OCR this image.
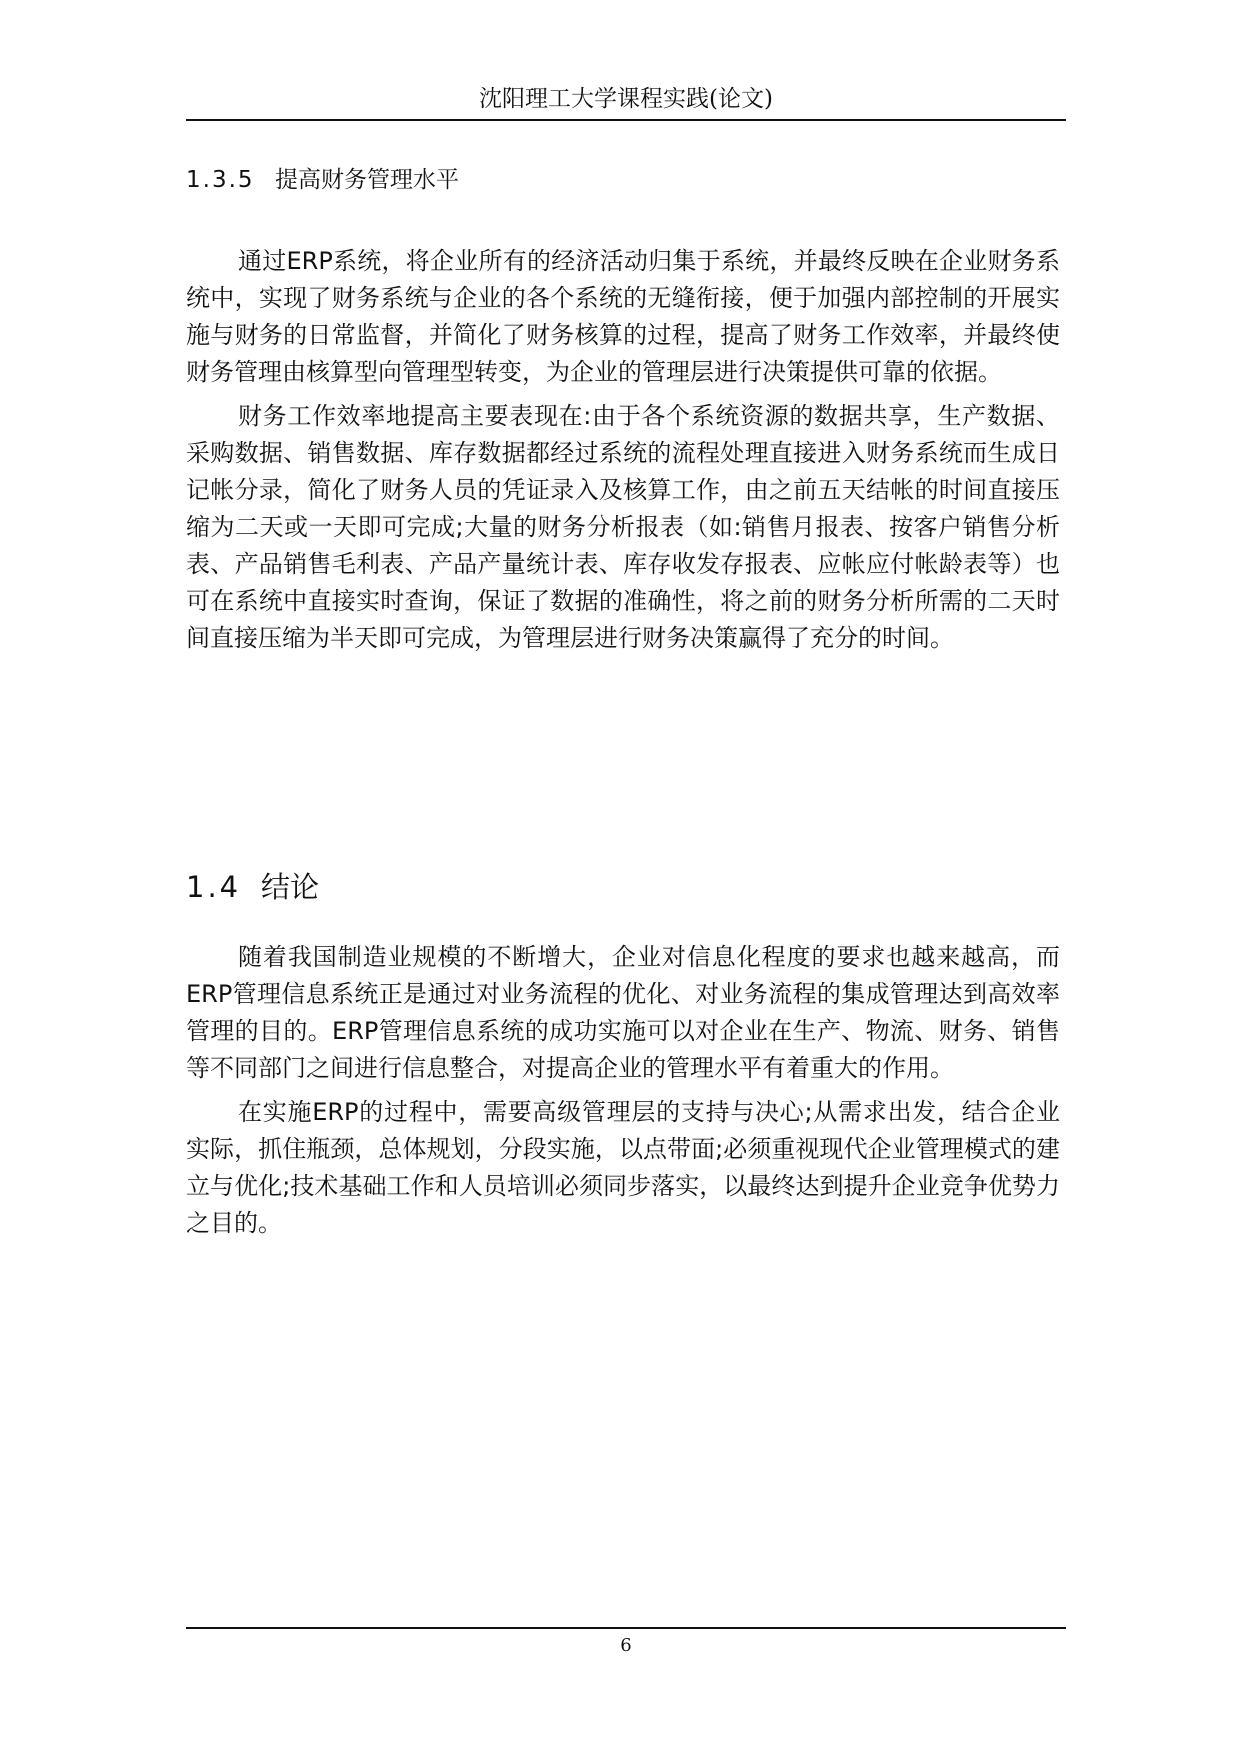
沈阳理工大学课程实践(论文)
1.3.5 提高财务管理水平

通过ERP系统，将企业所有的经济活动归集于系统，并最终反映在企业财务系统中，实现了财务系统与企业的各个系统的无缝衔接，便于加强内部控制的开展实施与财务的日常监督，并简化了财务核算的过程，提高了财务工作效率，并最终使财务管理由核算型向管理型转变，为企业的管理层进行决策提供可靠的依据。

财务工作效率地提高主要表现在:由于各个系统资源的数据共享，生产数据、采购数据、销售数据、库存数据都经过系统的流程处理直接进入财务系统而生成日记帐分录，简化了财务人员的凭证录入及核算工作，由之前五天结帐的时间直接压缩为二天或一天即可完成;大量的财务分析报表（如:销售月报表、按客户销售分析表、产品销售毛利表、产品产量统计表、库存收发存报表、应帐应付帐龄表等）也可在系统中直接实时查询，保证了数据的准确性，将之前的财务分析所需的二天时间直接压缩为半天即可完成，为管理层进行财务决策赢得了充分的时间。

1.4 结论

随着我国制造业规模的不断增大，企业对信息化程度的要求也越来越高，而ERP管理信息系统正是通过对业务流程的优化、对业务流程的集成管理达到高效率管理的目的。ERP管理信息系统的成功实施可以对企业在生产、物流、财务、销售等不同部门之间进行信息整合，对提高企业的管理水平有着重大的作用。

在实施ERP的过程中，需要高级管理层的支持与决心;从需求出发，结合企业实际，抓住瓶颈，总体规划，分段实施，以点带面;必须重视现代企业管理模式的建立与优化;技术基础工作和人员培训必须同步落实，以最终达到提升企业竞争优势力之目的。

6
